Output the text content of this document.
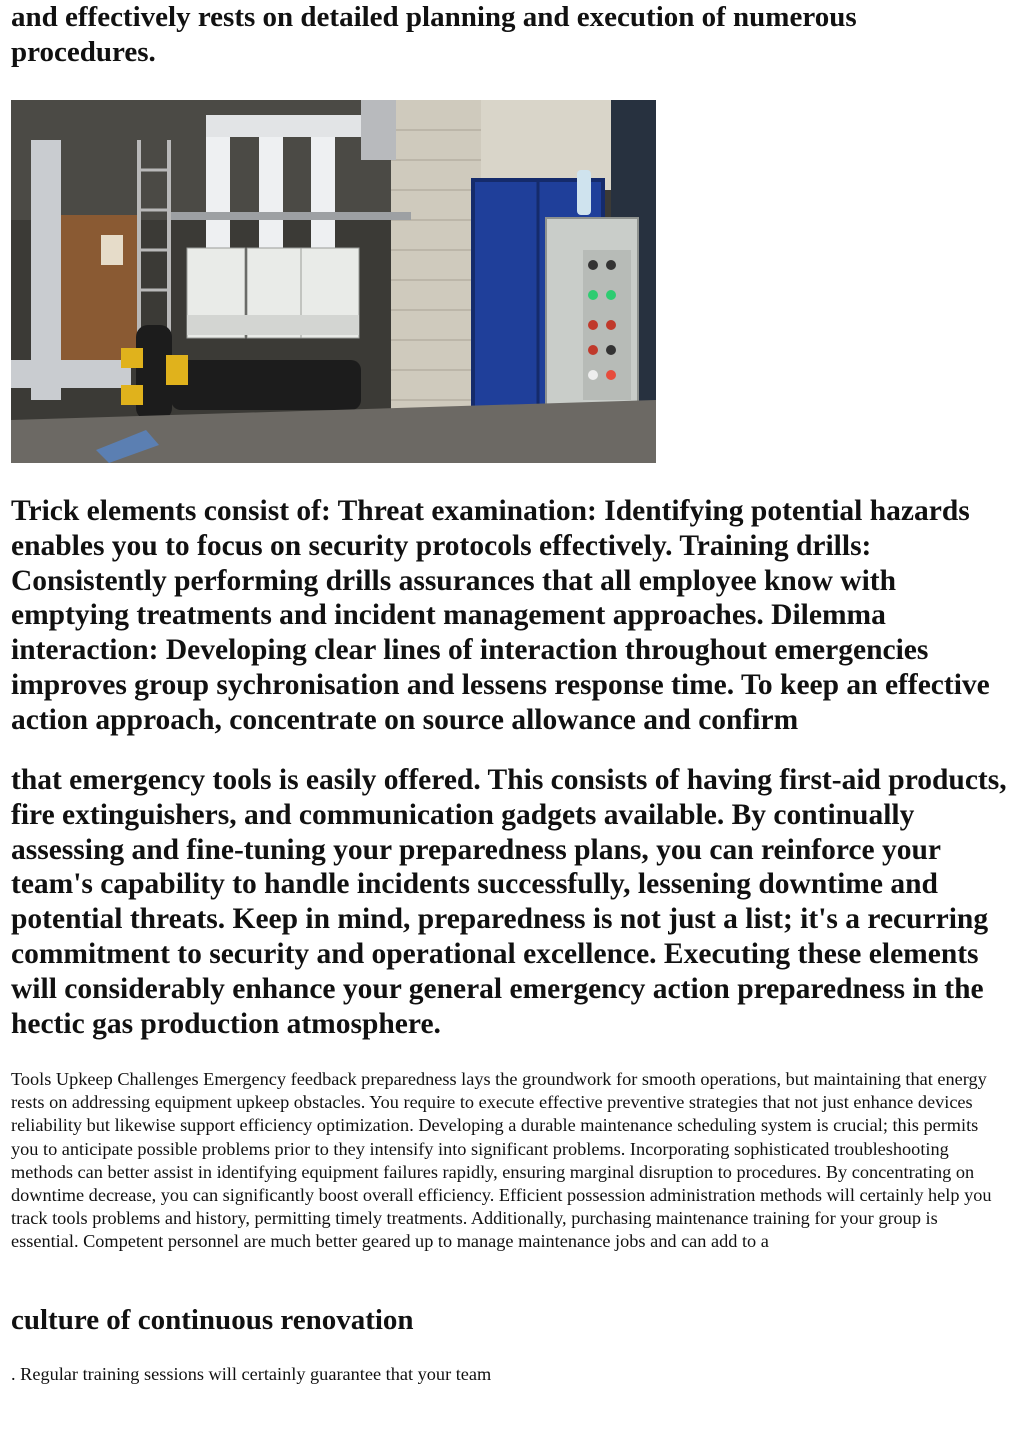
and effectively rests on detailed planning and execution of numerous procedures.

Trick elements consist of: Threat examination: Identifying potential hazards enables you to focus on security protocols effectively. Training drills: Consistently performing drills assurances that all employee know with emptying treatments and incident management approaches. Dilemma interaction: Developing clear lines of interaction throughout emergencies improves group sychronisation and lessens response time. To keep an effective action approach, concentrate on source allowance and confirm

that emergency tools is easily offered. This consists of having first-aid products, fire extinguishers, and communication gadgets available. By continually assessing and fine-tuning your preparedness plans, you can reinforce your team's capability to handle incidents successfully, lessening downtime and potential threats. Keep in mind, preparedness is not just a list; it's a recurring commitment to security and operational excellence. Executing these elements will considerably enhance your general emergency action preparedness in the hectic gas production atmosphere.

Tools Upkeep Challenges Emergency feedback preparedness lays the groundwork for smooth operations, but maintaining that energy rests on addressing equipment upkeep obstacles. You require to execute effective preventive strategies that not just enhance devices reliability but likewise support efficiency optimization. Developing a durable maintenance scheduling system is crucial; this permits you to anticipate possible problems prior to they intensify into significant problems. Incorporating sophisticated troubleshooting methods can better assist in identifying equipment failures rapidly, ensuring marginal disruption to procedures. By concentrating on downtime decrease, you can significantly boost overall efficiency. Efficient possession administration methods will certainly help you track tools problems and history, permitting timely treatments. Additionally, purchasing maintenance training for your group is essential. Competent personnel are much better geared up to manage maintenance jobs and can add to a

culture of continuous renovation

. Regular training sessions will certainly guarantee that your team
